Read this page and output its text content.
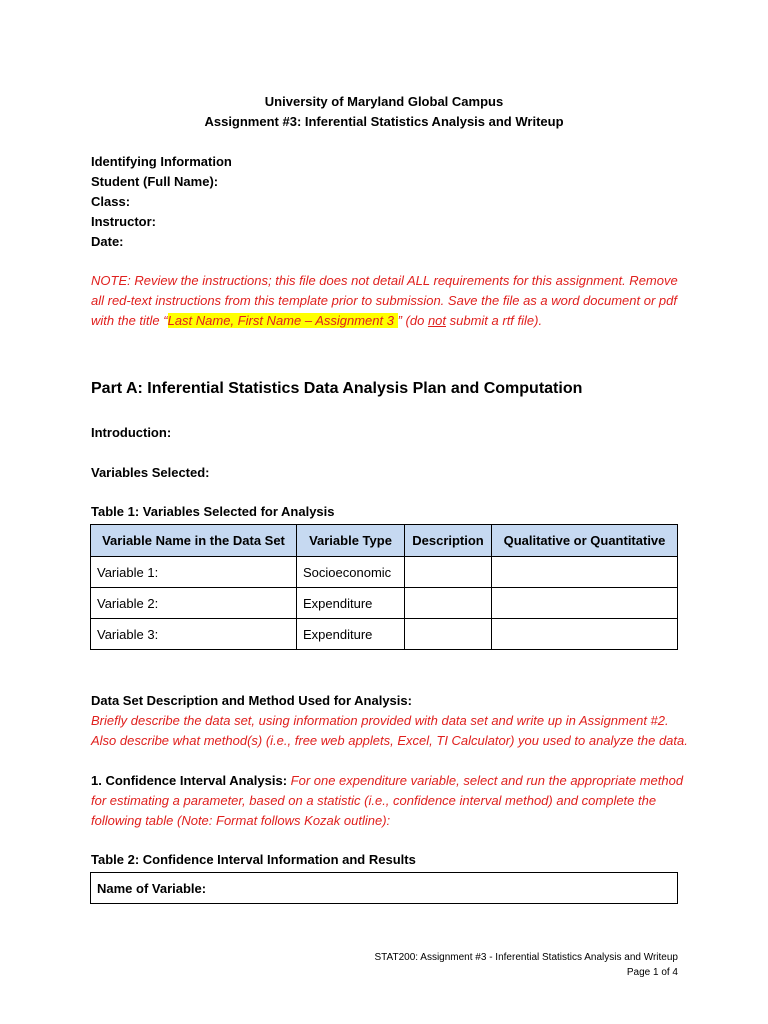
University of Maryland Global Campus
Assignment #3: Inferential Statistics Analysis and Writeup
Identifying Information
Student (Full Name):
Class:
Instructor:
Date:
NOTE: Review the instructions; this file does not detail ALL requirements for this assignment. Remove all red-text instructions from this template prior to submission. Save the file as a word document or pdf with the title “Last Name, First Name – Assignment 3 ” (do not submit a rtf file).
Part A: Inferential Statistics Data Analysis Plan and Computation
Introduction:
Variables Selected:
Table 1: Variables Selected for Analysis
Variable Name in the Data Set	Variable Type	Description	Qualitative or Quantitative
Variable 1:	Socioeconomic		
Variable 2:	Expenditure		
Variable 3:	Expenditure		
Data Set Description and Method Used for Analysis:
Briefly describe the data set, using information provided with data set and write up in Assignment #2.
Also describe what method(s) (i.e., free web applets, Excel, TI Calculator) you used to analyze the data.
1. Confidence Interval Analysis: For one expenditure variable, select and run the appropriate method
for estimating a parameter, based on a statistic (i.e., confidence interval method) and complete the
following table (Note: Format follows Kozak outline):
Table 2: Confidence Interval Information and Results
Name of Variable:
STAT200: Assignment #3 - Inferential Statistics Analysis and Writeup
Page 1 of 4
